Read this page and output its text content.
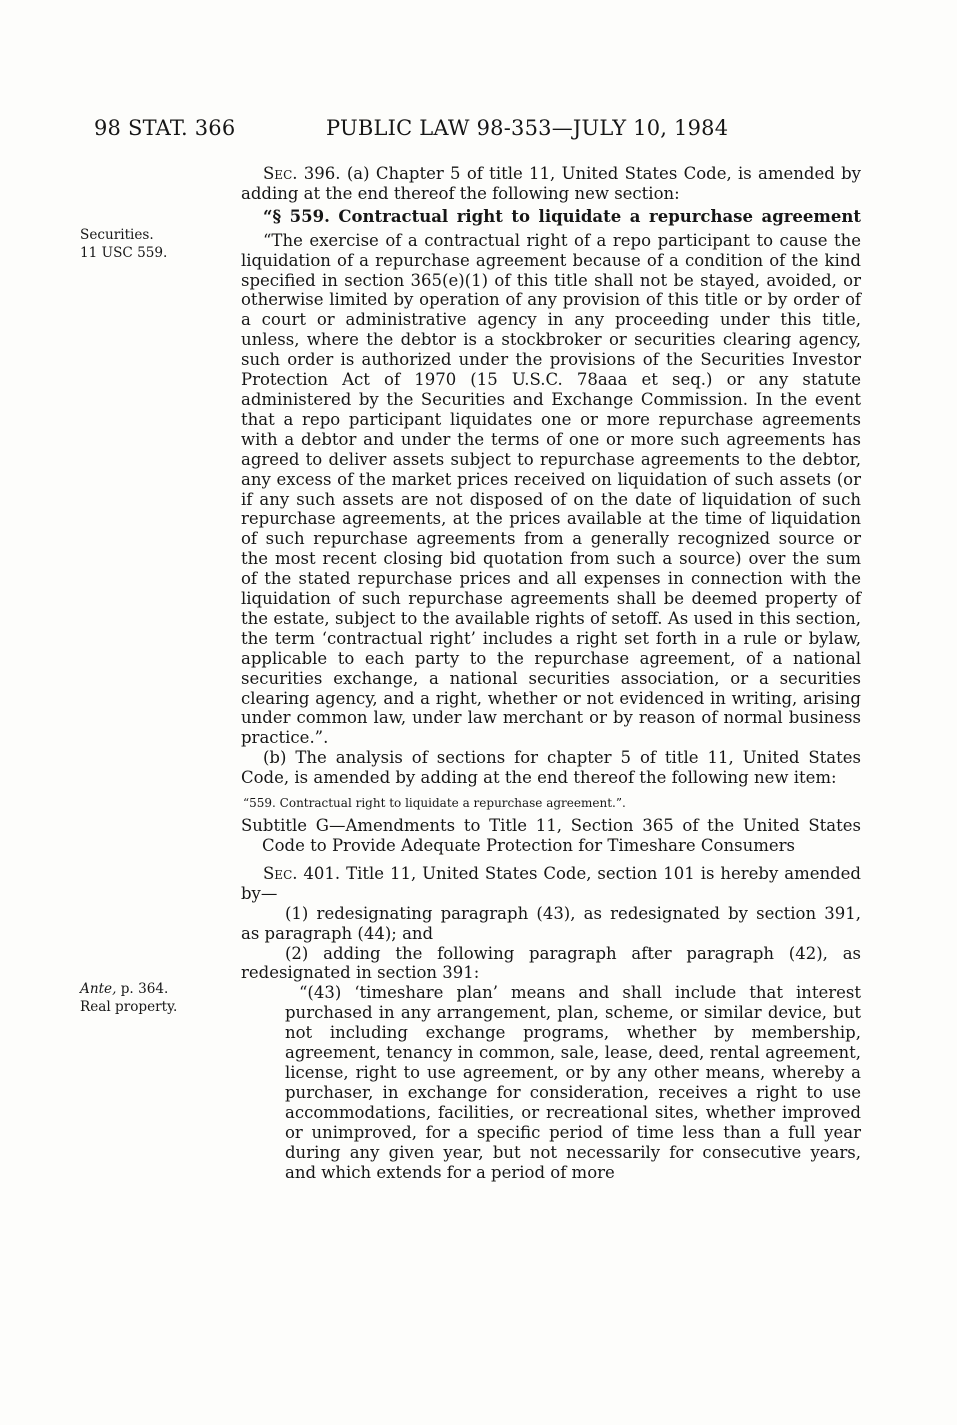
98 STAT. 366	PUBLIC LAW 98-353—JULY 10, 1984
Securities.
11 USC 559.
Ante, p. 364.
Real property.

Sec. 396. (a) Chapter 5 of title 11, United States Code, is amended by adding at the end thereof the following new section:

“§ 559. Contractual right to liquidate a repurchase agreement

“The exercise of a contractual right of a repo participant to cause the liquidation of a repurchase agreement because of a condition of the kind specified in section 365(e)(1) of this title shall not be stayed, avoided, or otherwise limited by operation of any provision of this title or by order of a court or administrative agency in any proceeding under this title, unless, where the debtor is a stockbroker or securities clearing agency, such order is authorized under the provisions of the Securities Investor Protection Act of 1970 (15 U.S.C. 78aaa et seq.) or any statute administered by the Securities and Exchange Commission. In the event that a repo participant liquidates one or more repurchase agreements with a debtor and under the terms of one or more such agreements has agreed to deliver assets subject to repurchase agreements to the debtor, any excess of the market prices received on liquidation of such assets (or if any such assets are not disposed of on the date of liquidation of such repurchase agreements, at the prices available at the time of liquidation of such repurchase agreements from a generally recognized source or the most recent closing bid quotation from such a source) over the sum of the stated repurchase prices and all expenses in connection with the liquidation of such repurchase agreements shall be deemed property of the estate, subject to the available rights of setoff. As used in this section, the term ‘contractual right’ includes a right set forth in a rule or bylaw, applicable to each party to the repurchase agreement, of a national securities exchange, a national securities association, or a securities clearing agency, and a right, whether or not evidenced in writing, arising under common law, under law merchant or by reason of normal business practice.”.

(b) The analysis of sections for chapter 5 of title 11, United States Code, is amended by adding at the end thereof the following new item:

“559. Contractual right to liquidate a repurchase agreement.”.

Subtitle G—Amendments to Title 11, Section 365 of the United States Code to Provide Adequate Protection for Timeshare Consumers

Sec. 401. Title 11, United States Code, section 101 is hereby amended by—

(1) redesignating paragraph (43), as redesignated by section 391, as paragraph (44); and

(2) adding the following paragraph after paragraph (42), as redesignated in section 391:

“(43) ‘timeshare plan’ means and shall include that interest purchased in any arrangement, plan, scheme, or similar device, but not including exchange programs, whether by membership, agreement, tenancy in common, sale, lease, deed, rental agreement, license, right to use agreement, or by any other means, whereby a purchaser, in exchange for consideration, receives a right to use accommodations, facilities, or recreational sites, whether improved or unimproved, for a specific period of time less than a full year during any given year, but not necessarily for consecutive years, and which extends for a period of more
